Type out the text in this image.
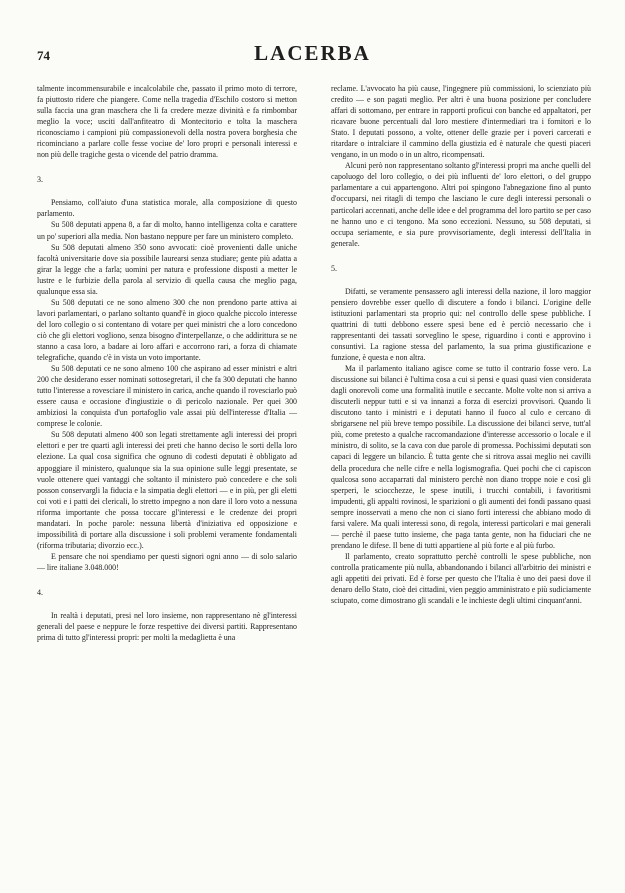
74	LACERBA

talmente incommensurabile e incalcolabile che, passato il primo moto di terrore, fa piuttosto ridere che piangere. Come nella tragedia d'Eschilo costoro si metton sulla faccia una gran maschera che li fa credere mezze divinità e fa rimbombar meglio la voce; usciti dall'anfiteatro di Montecitorio e tolta la maschera riconosciamo i campioni più compassionevoli della nostra povera borghesia che ricominciano a parlare colle fesse vociне de' loro propri e personali interessi e non più delle tragiche gesta o vicende del patrio dramma.

3.

Pensiamo, coll'aiuto d'una statistica morale, alla composizione di questo parlamento.

Su 508 deputati appena 8, a far di molto, hanno intelligenza colta e carattere un po' superiori alla media. Non bastano neppure per fare un ministero completo.

Su 508 deputati almeno 350 sono avvocati: cioè provenienti dalle uniche facoltà universitarie dove sia possibile laurearsi senza studiare; gente più adatta a girar la legge che a farla; uomini per natura e professione disposti a metter le lustre e le furbizie della parola al servizio di quella causa che meglio paga, qualunque essa sia.

Su 508 deputati ce ne sono almeno 300 che non prendono parte attiva ai lavori parlamentari, o parlano soltanto quand'è in gioco qualche piccolo interesse del loro collegio o si contentano di votare per quei ministri che a loro concedono ciò che gli elettori vogliono, senza bisogno d'interpellanze, o che addirittura se ne stanno a casa loro, a badare ai loro affari e accorrono rari, a forza di chiamate telegrafiche, quando c'è in vista un voto importante.

Su 508 deputati ce ne sono almeno 100 che aspirano ad esser ministri e altri 200 che desiderano esser nominati sottosegretari, il che fa 300 deputati che hanno tutto l'interesse a rovesciare il ministero in carica, anche quando il rovesciarlo può essere causa e occasione d'ingiustizie o di pericolo nazionale. Per quei 300 ambiziosi la conquista d'un portafoglio vale assai più dell'interesse d'Italia — comprese le colonie.

Su 508 deputati almeno 400 son legati strettamente agli interessi dei propri elettori e per tre quarti agli interessi dei preti che hanno deciso le sorti della loro elezione. La qual cosa significa che ognuno di codesti deputati è obbligato ad appoggiare il ministero, qualunque sia la sua opinione sulle leggi presentate, se vuole ottenere quei vantaggi che soltanto il ministero può concedere e che soli posson conservargli la fiducia e la simpatia degli elettori — e in più, per gli eletti coi voti e i patti dei clericali, lo stretto impegno a non dare il loro voto a nessuna riforma importante che possa toccare gl'interessi e le credenze dei propri mandatari. In poche parole: nessuna libertà d'iniziativa ed opposizione e impossibilità di portare alla discussione i soli problemi veramente fondamentali (riforma tributaria; divorzio ecc.).

E pensare che noi spendiamo per questi signori ogni anno — di solo salario — lire italiane 3.048.000!

4.

In realtà i deputati, presi nel loro insieme, non rappresentano nè gl'interessi generali del paese e neppure le forze respettive dei diversi partiti. Rappresentano prima di tutto gl'interessi propri: per molti la medaglietta è una

reclame. L'avvocato ha più cause, l'ingegnere più commissioni, lo scienziato più credito — e son pagati meglio. Per altri è una buona posizione per concludere affari di sottomano, per entrare in rapporti proficui con banche ed appaltatori, per ricavare buone percentuali dal loro mestiere d'intermediari tra i fornitori e lo Stato. I deputati possono, a volte, ottener delle grazie per i poveri carcerati e ritardare o intralciare il cammino della giustizia ed è naturale che questi piaceri vengano, in un modo o in un altro, ricompensati.

Alcuni però non rappresentano soltanto gl'interessi propri ma anche quelli del capoluogo del loro collegio, o dei più influenti de' loro elettori, o del gruppo parlamentare a cui appartengono. Altri poi spingono l'abnegazione fino al punto d'occuparsi, nei ritagli di tempo che lasciano le cure degli interessi personali o particolari accennati, anche delle idee e del programma del loro partito se per caso ne hanno uno e ci tengono. Ma sono eccezioni. Nessuno, su 508 deputati, si occupa seriamente, e sia pure provvisoriamente, degli interessi dell'Italia in generale.

5.

Difatti, se veramente pensassero agli interessi della nazione, il loro maggior pensiero dovrebbe esser quello di discutere a fondo i bilanci. L'origine delle istituzioni parlamentari sta proprio qui: nel controllo delle spese pubbliche. I quattrini di tutti debbono essere spesi bene ed è perciò necessario che i rappresentanti dei tassati sorveglino le spese, riguardino i conti e approvino i consuntivi. La ragione stessa del parlamento, la sua prima giustificazione e funzione, è questa e non altra.

Ma il parlamento italiano agisce come se tutto il contrario fosse vero. La discussione sui bilanci è l'ultima cosa a cui si pensi e quasi quasi vien considerata dagli onorevoli come una formalità inutile e seccante. Molte volte non si arriva a discuterli neppur tutti e si va innanzi a forza di esercizi provvisori. Quando li discutono tanto i ministri e i deputati hanno il fuoco al culo e cercano di sbrigarsene nel più breve tempo possibile. La discussione dei bilanci serve, tutt'al più, come pretesto a qualche raccomandazione d'interesse accessorio o locale e il ministro, di solito, se la cava con due parole di promessa. Pochissimi deputati son capaci di leggere un bilancio. È tutta gente che si ritrova assai meglio nei cavilli della procedura che nelle cifre e nella logismografia. Quei pochi che ci capiscon qualcosa sono accaparrati dal ministero perchè non diano troppe noie e così gli sperperi, le sciocchezze, le spese inutili, i trucchi contabili, i favoritismi impudenti, gli appalti rovinosi, le sparizioni o gli aumenti dei fondi passano quasi sempre inosservati a meno che non ci siano forti interessi che abbiano modo di farsi valere. Ma quali interessi sono, di regola, interessi particolari e mai generali — perchè il paese tutto insieme, che paga tanta gente, non ha fiduciari che ne prendano le difese. Il bene di tutti appartiene al più forte e al più furbo.

Il parlamento, creato soprattutto perchè controlli le spese pubbliche, non controlla praticamente più nulla, abbandonando i bilanci all'arbitrio dei ministri e agli appetiti dei privati. Ed è forse per questo che l'Italia è uno dei paesi dove il denaro dello Stato, cioè dei cittadini, vien peggio amministrato e più sudiciamente sciupato, come dimostrano gli scandali e le inchieste degli ultimi cinquant'anni.
